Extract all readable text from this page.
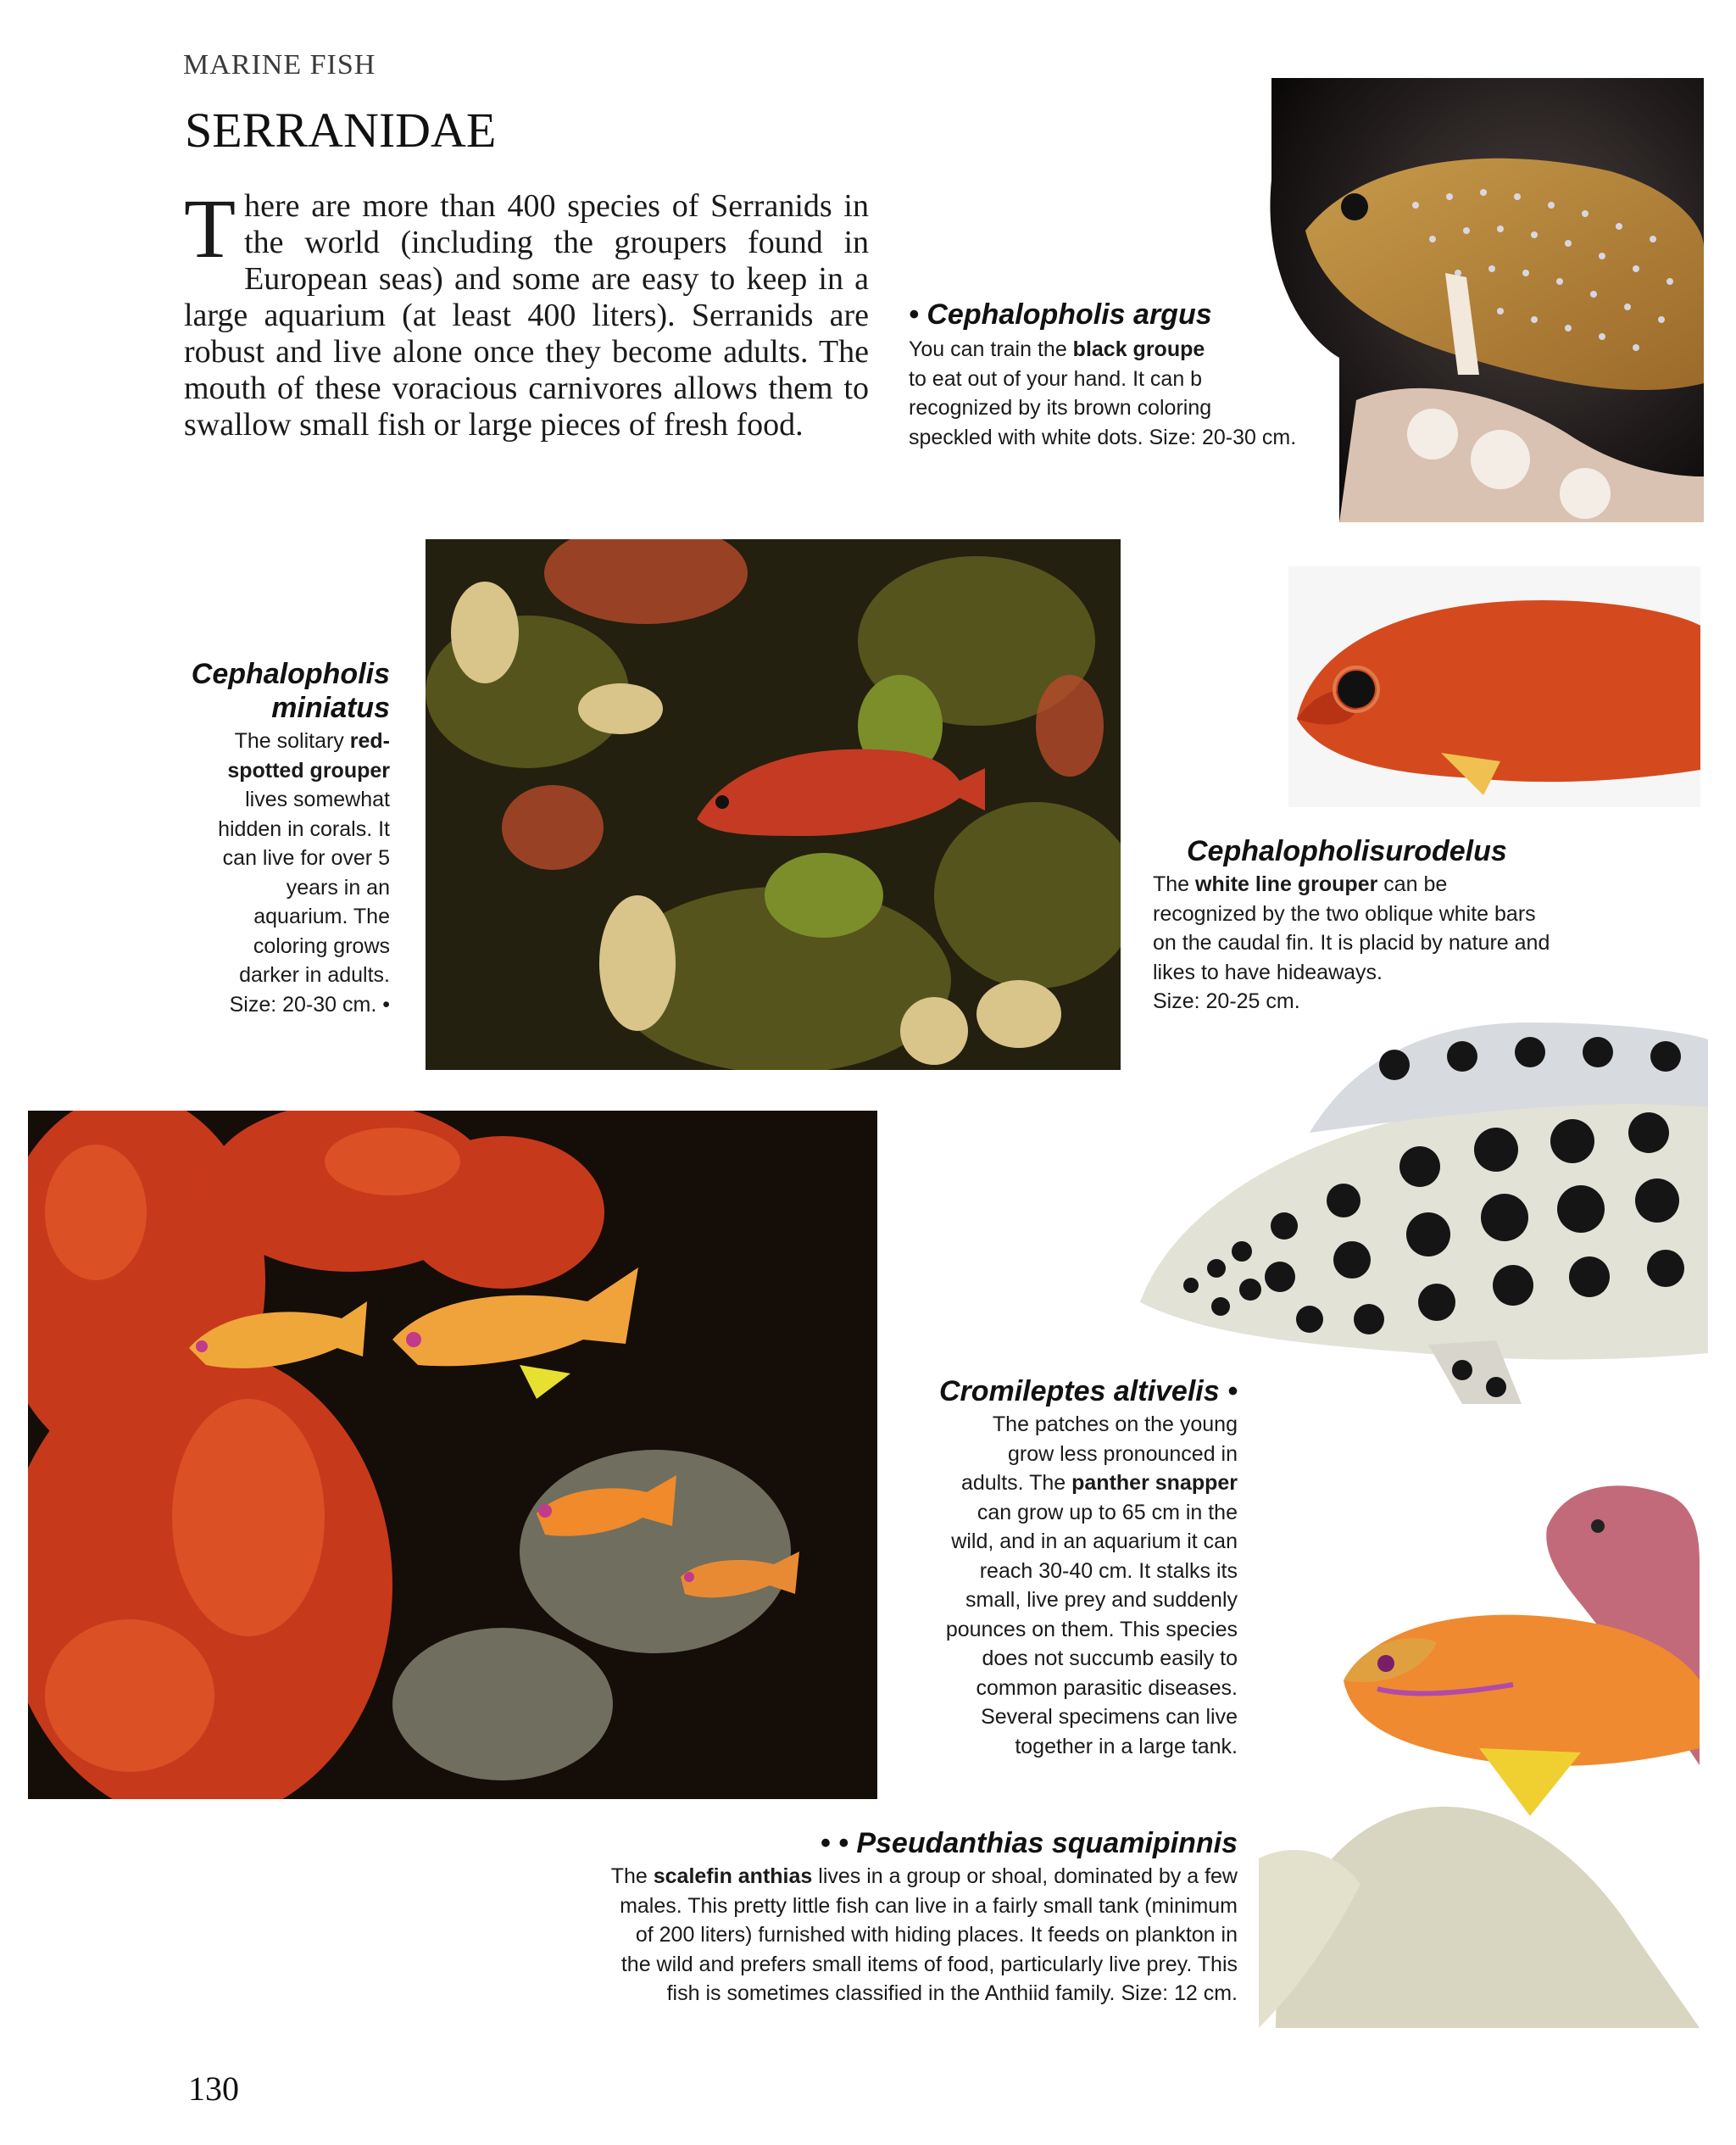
MARINE FISH
SERRANIDAE
There are more than 400 species of Serranids in the world (including the groupers found in European seas) and some are easy to keep in a large aquarium (at least 400 liters). Serranids are robust and live alone once they become adults. The mouth of these voracious carnivores allows them to swallow small fish or large pieces of fresh food.
• Cephalopholis argus
You can train the black groupe
to eat out of your hand. It can b
recognized by its brown coloring
speckled with white dots. Size: 20-30 cm.
Cephalopholis
miniatus
The solitary red-
spotted grouper
lives somewhat
hidden in corals. It
can live for over 5
years in an
aquarium. The
coloring grows
darker in adults.
Size: 20-30 cm. •
Cephalopholisurodelus
The white line grouper can be
recognized by the two oblique white bars
on the caudal fin. It is placid by nature and
likes to have hideaways.
Size: 20-25 cm.
Cromileptes altivelis •
The patches on the young
grow less pronounced in
adults. The panther snapper
can grow up to 65 cm in the
wild, and in an aquarium it can
reach 30-40 cm. It stalks its
small, live prey and suddenly
pounces on them. This species
does not succumb easily to
common parasitic diseases.
Several specimens can live
together in a large tank.
• • Pseudanthias squamipinnis
The scalefin anthias lives in a group or shoal, dominated by a few
males. This pretty little fish can live in a fairly small tank (minimum
of 200 liters) furnished with hiding places. It feeds on plankton in
the wild and prefers small items of food, particularly live prey. This
fish is sometimes classified in the Anthiid family. Size: 12 cm.
130
